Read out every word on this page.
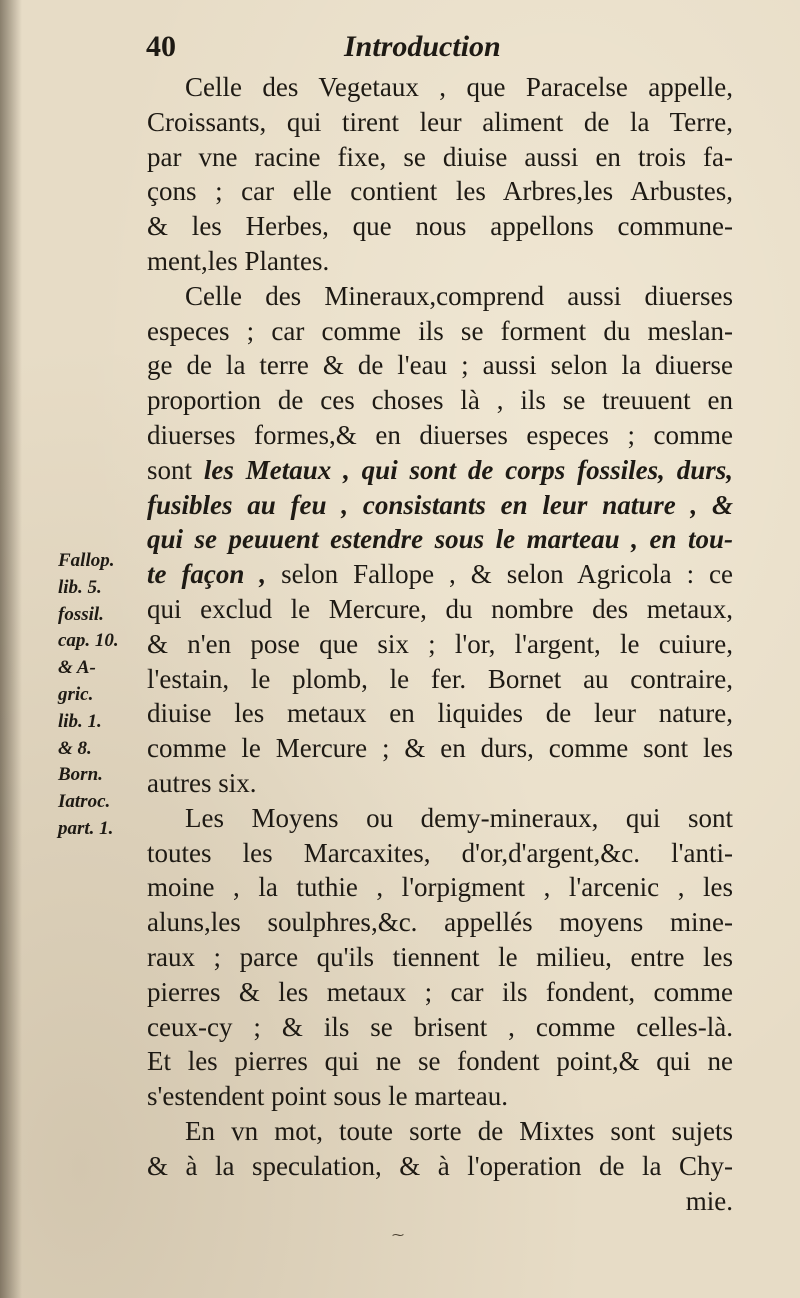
40	Introduction
Celle des Vegetaux , que Paracelse appelle,
Croissants, qui tirent leur aliment de la Terre,
par vne racine fixe, se diuise aussi en trois fa-
çons ; car elle contient les Arbres,les Arbustes,
& les Herbes, que nous appellons commune-
ment,les Plantes.
Celle des Mineraux,comprend aussi diuerses
especes ; car comme ils se forment du meslan-
ge de la terre & de l'eau ; aussi selon la diuerse
proportion de ces choses là , ils se treuuent en
diuerses formes,& en diuerses especes ; comme
sont les Metaux , qui sont de corps fossiles, durs,
fusibles au feu , consistants en leur nature , &
qui se peuuent estendre sous le marteau , en tou-
te façon , selon Fallope , & selon Agricola : ce
qui exclud le Mercure, du nombre des metaux,
& n'en pose que six ; l'or, l'argent, le cuiure,
l'estain, le plomb, le fer. Bornet au contraire,
diuise les metaux en liquides de leur nature,
comme le Mercure ; & en durs, comme sont les
autres six.
Les Moyens ou demy-mineraux, qui sont
toutes les Marcaxites, d'or,d'argent,&c. l'anti-
moine , la tuthie , l'orpigment , l'arcenic , les
aluns,les soulphres,&c. appellés moyens mine-
raux ; parce qu'ils tiennent le milieu, entre les
pierres & les metaux ; car ils fondent, comme
ceux-cy ; & ils se brisent , comme celles-là.
Et les pierres qui ne se fondent point,& qui ne
s'estendent point sous le marteau.
En vn mot, toute sorte de Mixtes sont sujets
& à la speculation, & à l'operation de la Chy-
mie.
Fallop.
lib. 5.
fossil.
cap. 10.
& A-
gric.
lib. 1.
& 8.
Born.
Iatroc.
part. 1.
⁓
